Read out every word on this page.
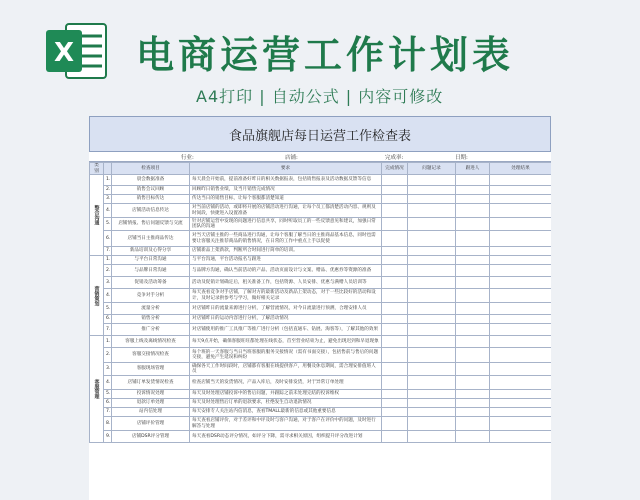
X 电商运营工作计划表
A4打印 | 自动公式 | 内容可修改
食品旗舰店每日运营工作检查表
行业:	店铺:	完成率:	日期:
类别		检查项目	要求	完成情况	问题记录	跟进人	处理结果
整合沟通	1.	晨会数据准备	每天晨会开始前，提前准备好昨日的相关数据报表，包括销售报表及活动数据反馈等信息				
	2.	销售会议回顾	回顾昨日销售业绩，及当月销售完成情况				
	3.	销售目标传达	传达当日的销售目标，让每个客服都清楚知道				
	4.	店铺活动信息传达	对当前店铺的活动，或即将开展的店铺活动进行沟通，让每个员工都清楚活动内容、规则及时间段，快捷进入设置准备				
	5.	店铺情报、售后问题反馈与交流	针对店铺运营中发现的问题进行信息共享，同时听取员工的一些反馈意见和建议，加强日常团队的沟通				
	6.	店铺当日主推商品传达	对当天店铺主推的一些商品进行沟通，让每个客服了解当日的主推商品基本信息，同时也需要让客服关注推荐商品的销售情况，在日常的工作中重点上手以促使				
	7.	新品培训及心得分享	店铺新品上架新款，判断所合时间进行简单的培训。				
营销策划	1.	与平台日常沟通	与平台沟通，平台活动报名与跟进				
	2.	与品牌日常沟通	与品牌方沟通，确认当前活动的产品、活动页面设计与文案、赠品、优惠券等资源的准备				
	3.	促销及活动筹备	活动及促销计划确定后，租关准备工作，包括资源、人员安排、优惠与满赠人员培训等				
	4.	竞争对手分析	每天查看竞争对手店铺，了解对方的最新活动及新品上架动态，对于一些比较好的活动和设计，及时记录供参考与学习，做好相关记录				
	5.	流量分析	对店铺昨日的流量来源进行分析，了解营流情况，对今日流量进行预测，合理安排人员				
	6.	销售分析	对店铺昨日的运动内容进行分析，了解活动情况				
	7.	推广分析	对店铺使用的推广工具推广等推广进行分析（包括直通车、钻展、淘客等），了解其他的效果				
客服管理	1.	客服上线及离线情况检查	每天9点开始，确保客服旺旺都处理在线状态，首至营业结束为止，避免出现迟到和早退现象				
	2.	客服交接情况检查	每个班的一天客服与当日当班客服的服务交接情况（需有书面交接），包括售前与售后的问题交接，避免产生延误和纠纷				
	3.	客服现场管理	确保各天工作时间段时，店铺都有客服在线提供客户，用餐及休息期间，需合理安排值班人员				
	4.	店铺订单发货情况检查	检查店铺当天的发货情况，产品入库后，及时安排发货，对于异常订单处理				
	5.	投诉情况处理	每天及时处理店铺投诉中的售后问题，并跟踪之前未处理完结的投诉维权				
	6.	退款订单处理	每天及时处理售后订单的退款要求，杜绝发生自动退款情况				
	7.	站内信处理	每天安排专人关注站内信消息，查看TMALL最新的信息或其他重要信息				
	8.	店铺评价管理	每天查看店铺评价，对于差评和中评及时与客户沟通，对于客户在评价中的问题，及时进行解答与处理				
	9.	店铺DSR评分管理	每天查看DSR动态评分情况，如评分下降，需寻求相关原因，组织提升评分改进计划				
